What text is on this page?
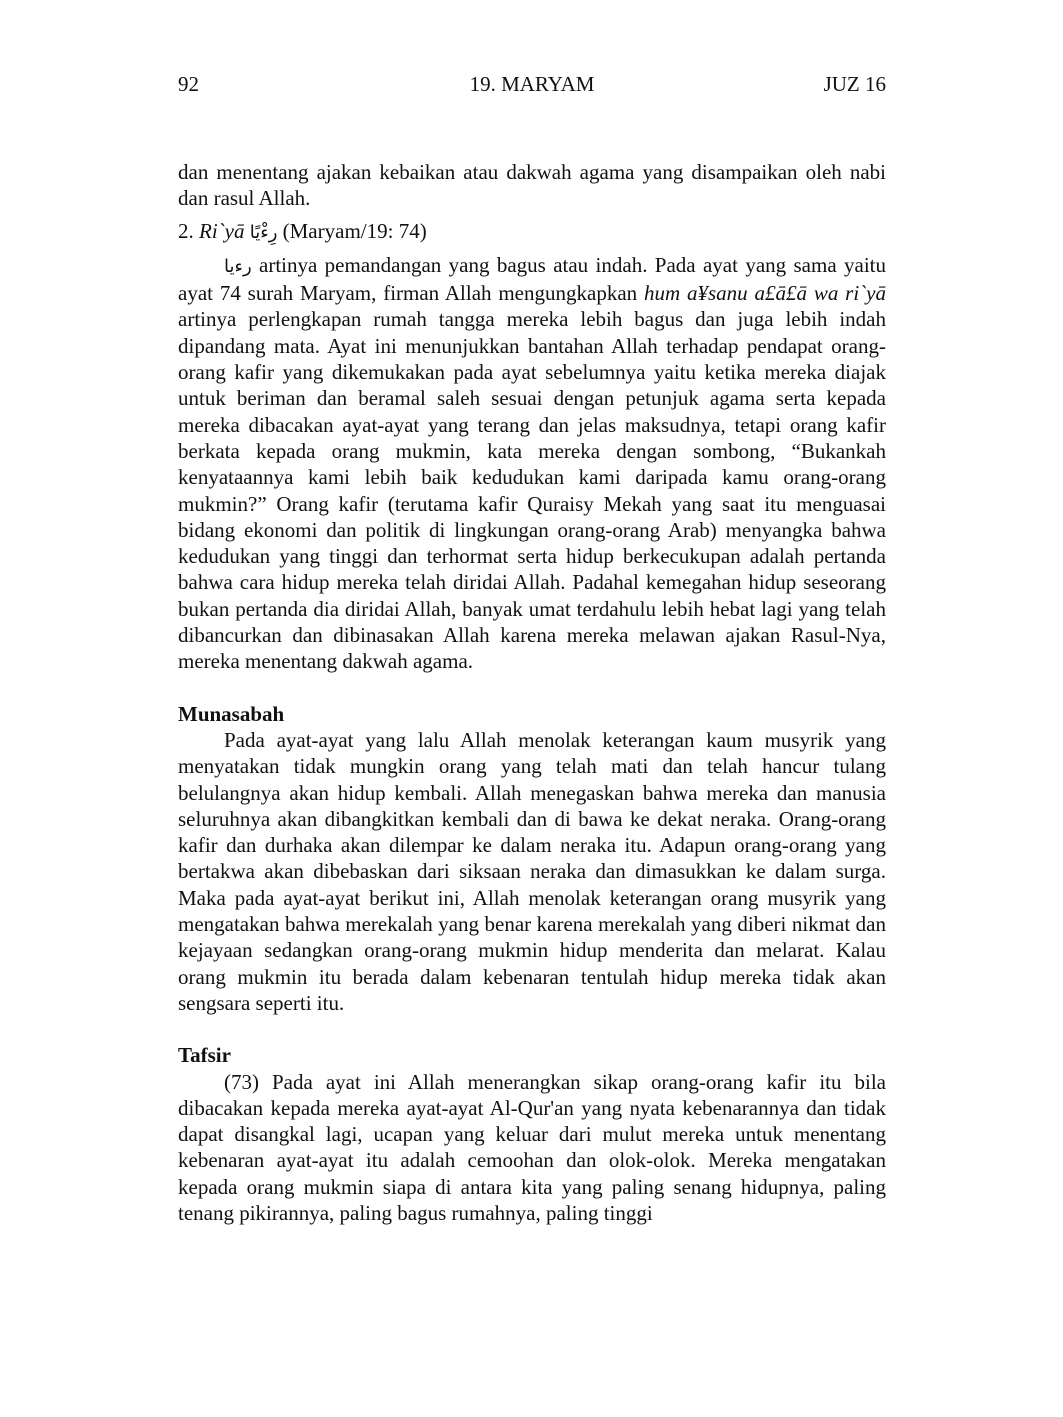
92	19. MARYAM	JUZ 16

dan menentang ajakan kebaikan atau dakwah agama yang disampaikan oleh nabi dan rasul Allah.

2. Ri`yā رِءْيًا (Maryam/19: 74)

رءيا artinya pemandangan yang bagus atau indah. Pada ayat yang sama yaitu ayat 74 surah Maryam, firman Allah mengungkapkan hum a¥sanu a£ā£ā wa ri`yā artinya perlengkapan rumah tangga mereka lebih bagus dan juga lebih indah dipandang mata. Ayat ini menunjukkan bantahan Allah terhadap pendapat orang-orang kafir yang dikemukakan pada ayat sebelumnya yaitu ketika mereka diajak untuk beriman dan beramal saleh sesuai dengan petunjuk agama serta kepada mereka dibacakan ayat-ayat yang terang dan jelas maksudnya, tetapi orang kafir berkata kepada orang mukmin, kata mereka dengan sombong, “Bukankah kenyataannya kami lebih baik kedudukan kami daripada kamu orang-orang mukmin?” Orang kafir (terutama kafir Quraisy Mekah yang saat itu menguasai bidang ekonomi dan politik di lingkungan orang-orang Arab) menyangka bahwa kedudukan yang tinggi dan terhormat serta hidup berkecukupan adalah pertanda bahwa cara hidup mereka telah diridai Allah. Padahal kemegahan hidup seseorang bukan pertanda dia diridai Allah, banyak umat terdahulu lebih hebat lagi yang telah dibancurkan dan dibinasakan Allah karena mereka melawan ajakan Rasul-Nya, mereka menentang dakwah agama.

Munasabah

Pada ayat-ayat yang lalu Allah menolak keterangan kaum musyrik yang menyatakan tidak mungkin orang yang telah mati dan telah hancur tulang belulangnya akan hidup kembali. Allah menegaskan bahwa mereka dan manusia seluruhnya akan dibangkitkan kembali dan di bawa ke dekat neraka. Orang-orang kafir dan durhaka akan dilempar ke dalam neraka itu. Adapun orang-orang yang bertakwa akan dibebaskan dari siksaan neraka dan dimasukkan ke dalam surga. Maka pada ayat-ayat berikut ini, Allah menolak keterangan orang musyrik yang mengatakan bahwa merekalah yang benar karena merekalah yang diberi nikmat dan kejayaan sedangkan orang-orang mukmin hidup menderita dan melarat. Kalau orang mukmin itu berada dalam kebenaran tentulah hidup mereka tidak akan sengsara seperti itu.

Tafsir

(73) Pada ayat ini Allah menerangkan sikap orang-orang kafir itu bila dibacakan kepada mereka ayat-ayat Al-Qur'an yang nyata kebenarannya dan tidak dapat disangkal lagi, ucapan yang keluar dari mulut mereka untuk menentang kebenaran ayat-ayat itu adalah cemoohan dan olok-olok. Mereka mengatakan kepada orang mukmin siapa di antara kita yang paling senang hidupnya, paling tenang pikirannya, paling bagus rumahnya, paling tinggi
